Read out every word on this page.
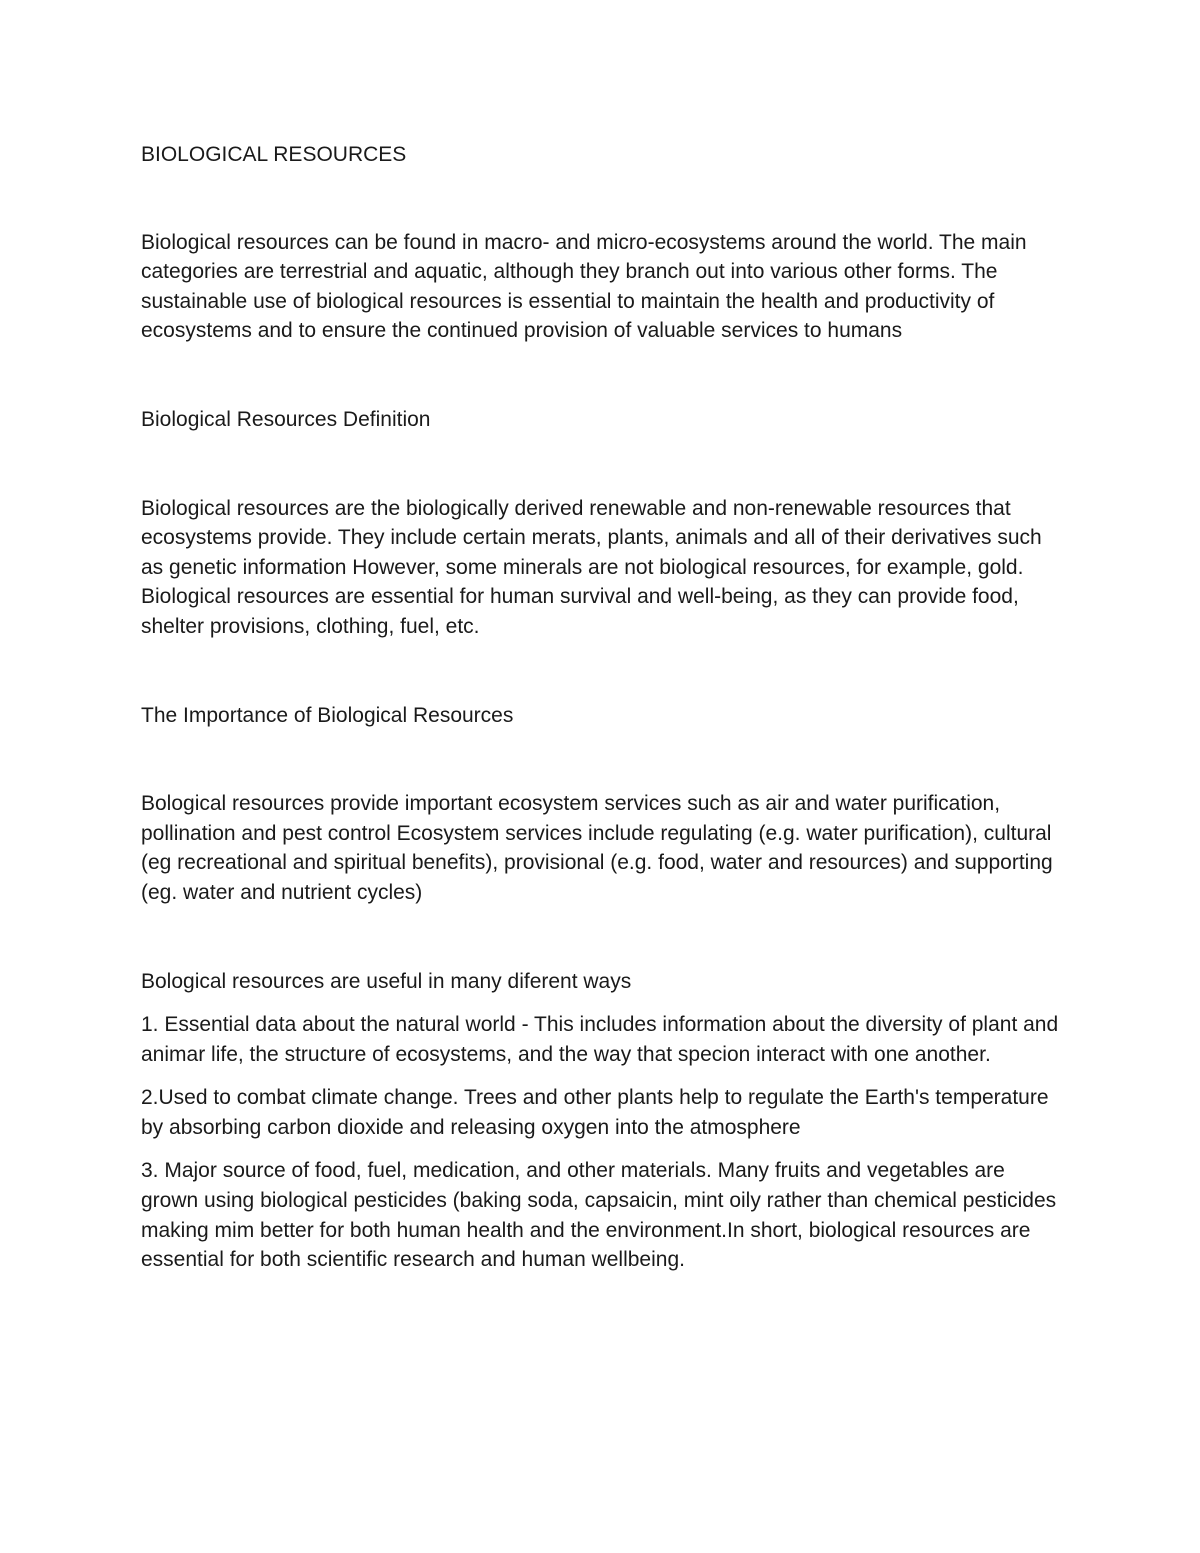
BIOLOGICAL RESOURCES

Biological resources can be found in macro- and micro-ecosystems around the world. The main categories are terrestrial and aquatic, although they branch out into various other forms. The sustainable use of biological resources is essential to maintain the health and productivity of ecosystems and to ensure the continued provision of valuable services to humans

Biological Resources Definition

Biological resources are the biologically derived renewable and non-renewable resources that ecosystems provide. They include certain merats, plants, animals and all of their derivatives such as genetic information However, some minerals are not biological resources, for example, gold. Biological resources are essential for human survival and well-being, as they can provide food, shelter provisions, clothing, fuel, etc.

The Importance of Biological Resources

Bological resources provide important ecosystem services such as air and water purification, pollination and pest control Ecosystem services include regulating (e.g. water purification), cultural (eg recreational and spiritual benefits), provisional (e.g. food, water and resources) and supporting (eg. water and nutrient cycles)

Bological resources are useful in many diferent ways

1. Essential data about the natural world - This includes information about the diversity of plant and animar life, the structure of ecosystems, and the way that specion interact with one another.

2.Used to combat climate change. Trees and other plants help to regulate the Earth's temperature by absorbing carbon dioxide and releasing oxygen into the atmosphere

3. Major source of food, fuel, medication, and other materials. Many fruits and vegetables are grown using biological pesticides (baking soda, capsaicin, mint oily rather than chemical pesticides making mim better for both human health and the environment.In short, biological resources are essential for both scientific research and human wellbeing.
